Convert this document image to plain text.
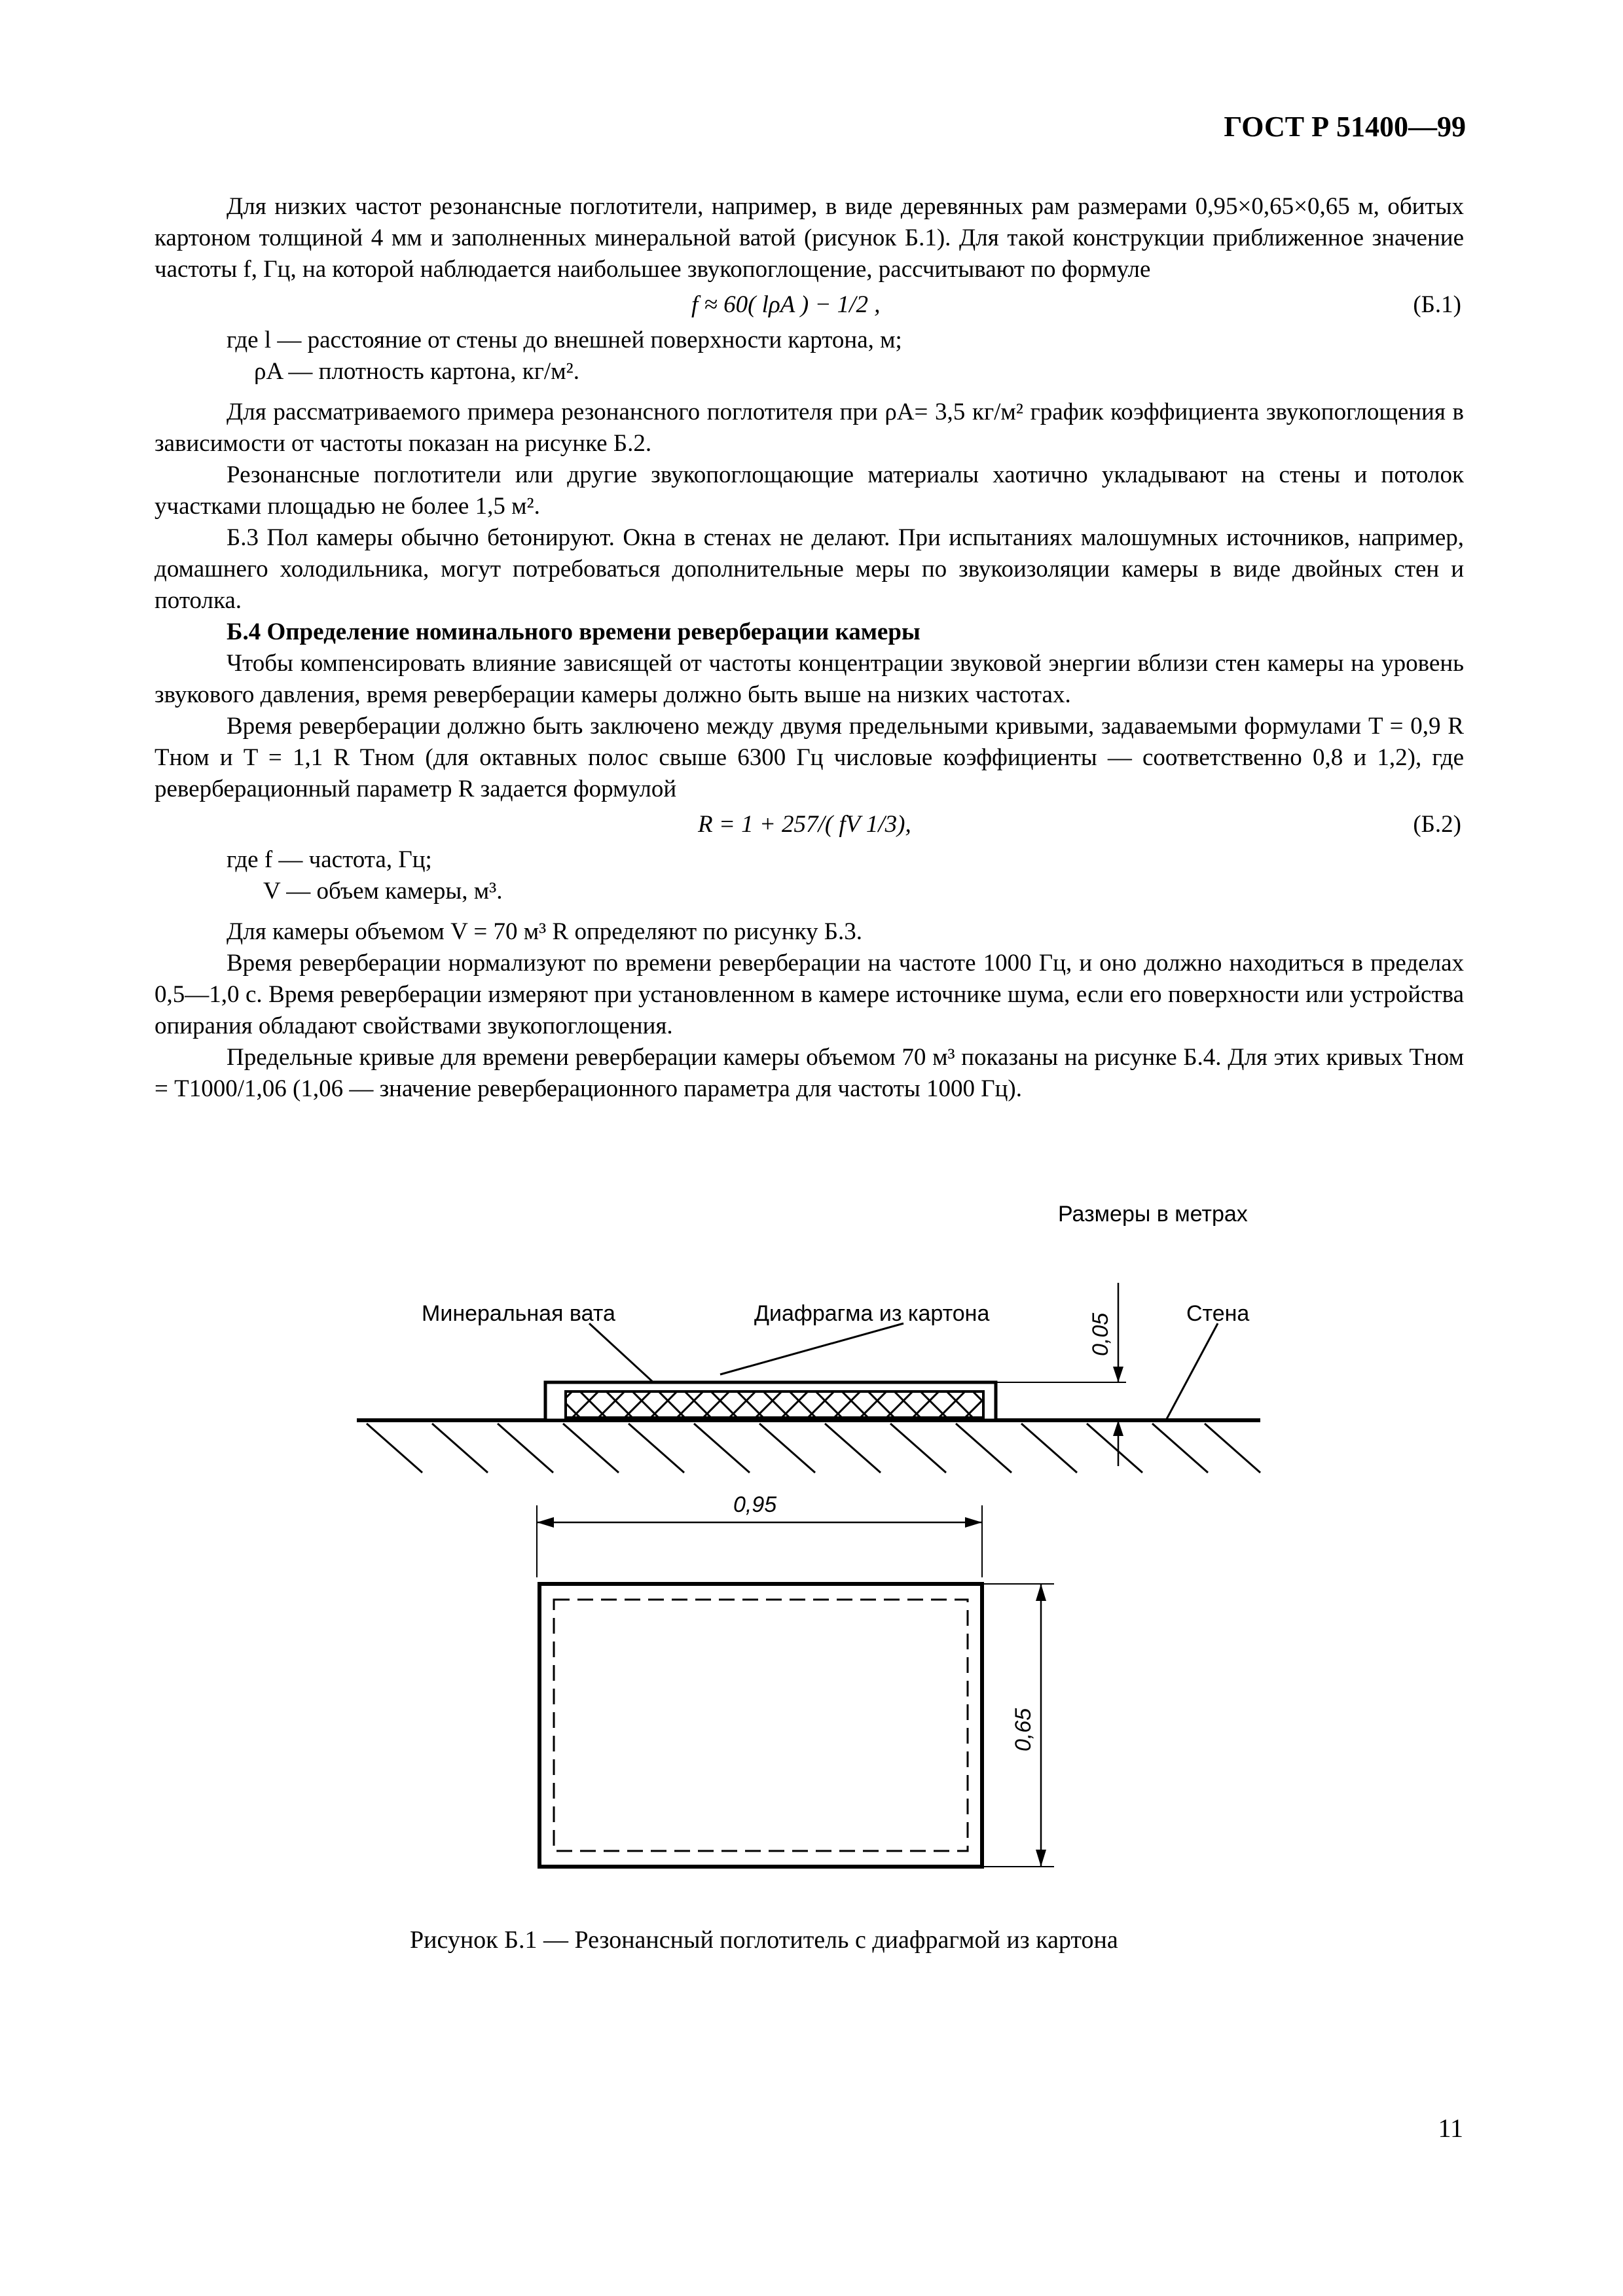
ГОСТ Р 51400—99

Для низких частот резонансные поглотители, например, в виде деревянных рам размерами 0,95×0,65×0,65 м, обитых картоном толщиной 4 мм и заполненных минеральной ватой (рисунок Б.1). Для такой конструкции приближенное значение частоты f, Гц, на которой наблюдается наибольшее звукопоглощение, рассчитывают по формуле

f ≈ 60( lρA ) − 1/2 ,	(Б.1)

где l — расстояние от стены до внешней поверхности картона, м;

ρA — плотность картона, кг/м².

Для рассматриваемого примера резонансного поглотителя при ρA= 3,5 кг/м² график коэффициента звукопоглощения в зависимости от частоты показан на рисунке Б.2.

Резонансные поглотители или другие звукопоглощающие материалы хаотично укладывают на стены и потолок участками площадью не более 1,5 м².

Б.3 Пол камеры обычно бетонируют. Окна в стенах не делают. При испытаниях малошумных источников, например, домашнего холодильника, могут потребоваться дополнительные меры по звукоизоляции камеры в виде двойных стен и потолка.

Б.4 Определение номинального времени реверберации камеры

Чтобы компенсировать влияние зависящей от частоты концентрации звуковой энергии вблизи стен камеры на уровень звукового давления, время реверберации камеры должно быть выше на низких частотах.

Время реверберации должно быть заключено между двумя предельными кривыми, задаваемыми формулами T = 0,9 R Tном и T = 1,1 R Tном (для октавных полос свыше 6300 Гц числовые коэффициенты — соответственно 0,8 и 1,2), где реверберационный параметр R задается формулой

R = 1 + 257/( fV 1/3),	(Б.2)

где f — частота, Гц;

V — объем камеры, м³.

Для камеры объемом V = 70 м³ R определяют по рисунку Б.3.

Время реверберации нормализуют по времени реверберации на частоте 1000 Гц, и оно должно находиться в пределах 0,5—1,0 с. Время реверберации измеряют при установленном в камере источнике шума, если его поверхности или устройства опирания обладают свойствами звукопоглощения.

Предельные кривые для времени реверберации камеры объемом 70 м³ показаны на рисунке Б.4. Для этих кривых Tном = T1000/1,06 (1,06 — значение реверберационного параметра для частоты 1000 Гц).

Размеры в метрах
Минеральная вата	Диафрагма из картона	Стена
0,05
0,95
0,65
Рисунок Б.1 — Резонансный поглотитель с диафрагмой из картона
11
